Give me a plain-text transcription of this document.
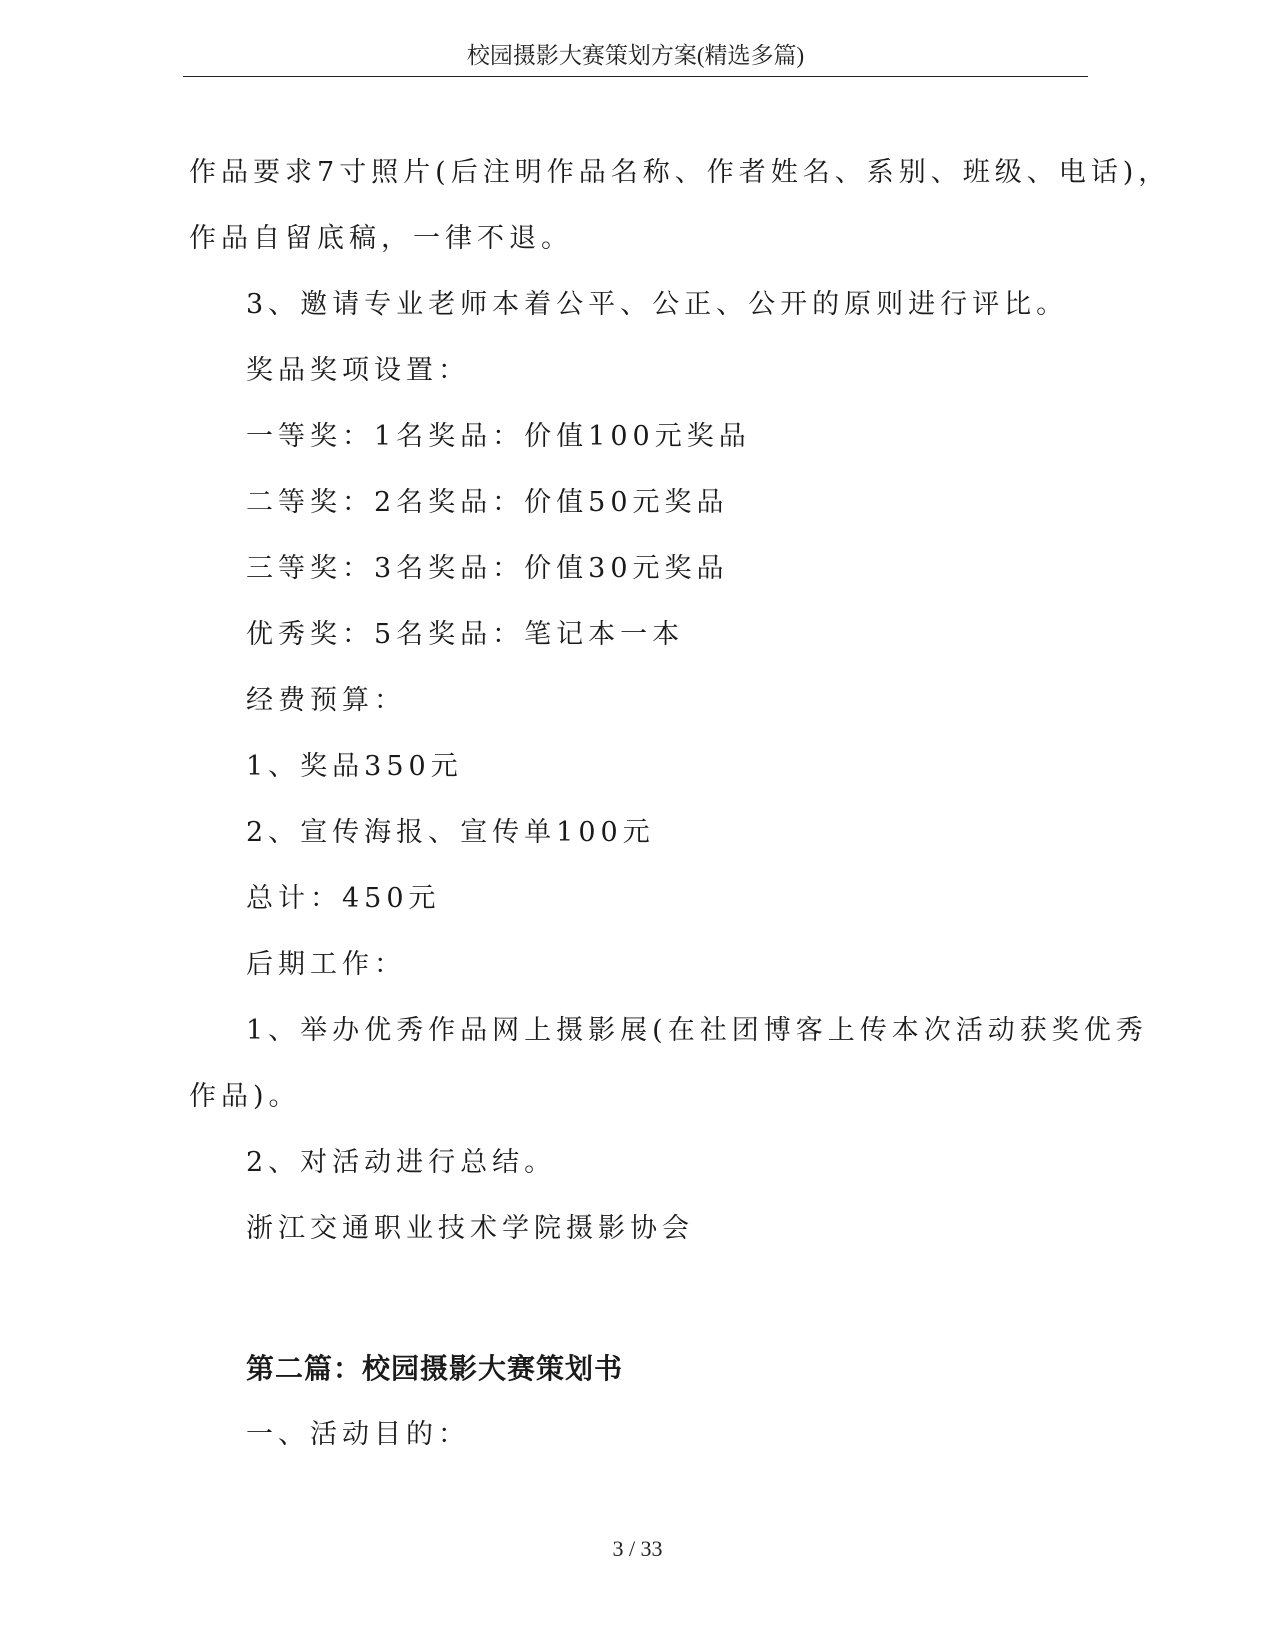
校园摄影大赛策划方案(精选多篇)
作品要求7寸照片(后注明作品名称、作者姓名、系别、班级、电话)，
作品自留底稿，一律不退。
3、邀请专业老师本着公平、公正、公开的原则进行评比。
奖品奖项设置：
一等奖：1名奖品：价值100元奖品
二等奖：2名奖品：价值50元奖品
三等奖：3名奖品：价值30元奖品
优秀奖：5名奖品：笔记本一本
经费预算：
1、奖品350元
2、宣传海报、宣传单100元
总计：450元
后期工作：
1、举办优秀作品网上摄影展(在社团博客上传本次活动获奖优秀
作品)。
2、对活动进行总结。
浙江交通职业技术学院摄影协会
第二篇：校园摄影大赛策划书
一、活动目的：
3 / 33
